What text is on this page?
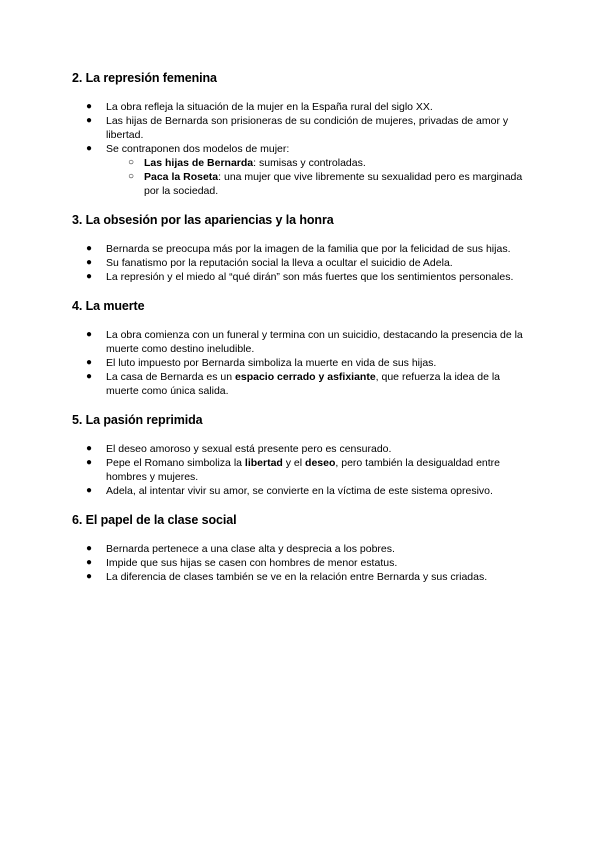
2. La represión femenina
● La obra refleja la situación de la mujer en la España rural del siglo XX.
● Las hijas de Bernarda son prisioneras de su condición de mujeres, privadas de amor y libertad.
● Se contraponen dos modelos de mujer:
○ Las hijas de Bernarda: sumisas y controladas.
○ Paca la Roseta: una mujer que vive libremente su sexualidad pero es marginada por la sociedad.
3. La obsesión por las apariencias y la honra
● Bernarda se preocupa más por la imagen de la familia que por la felicidad de sus hijas.
● Su fanatismo por la reputación social la lleva a ocultar el suicidio de Adela.
● La represión y el miedo al “qué dirán” son más fuertes que los sentimientos personales.
4. La muerte
● La obra comienza con un funeral y termina con un suicidio, destacando la presencia de la muerte como destino ineludible.
● El luto impuesto por Bernarda simboliza la muerte en vida de sus hijas.
● La casa de Bernarda es un espacio cerrado y asfixiante, que refuerza la idea de la muerte como única salida.
5. La pasión reprimida
● El deseo amoroso y sexual está presente pero es censurado.
● Pepe el Romano simboliza la libertad y el deseo, pero también la desigualdad entre hombres y mujeres.
● Adela, al intentar vivir su amor, se convierte en la víctima de este sistema opresivo.
6. El papel de la clase social
● Bernarda pertenece a una clase alta y desprecia a los pobres.
● Impide que sus hijas se casen con hombres de menor estatus.
● La diferencia de clases también se ve en la relación entre Bernarda y sus criadas.
